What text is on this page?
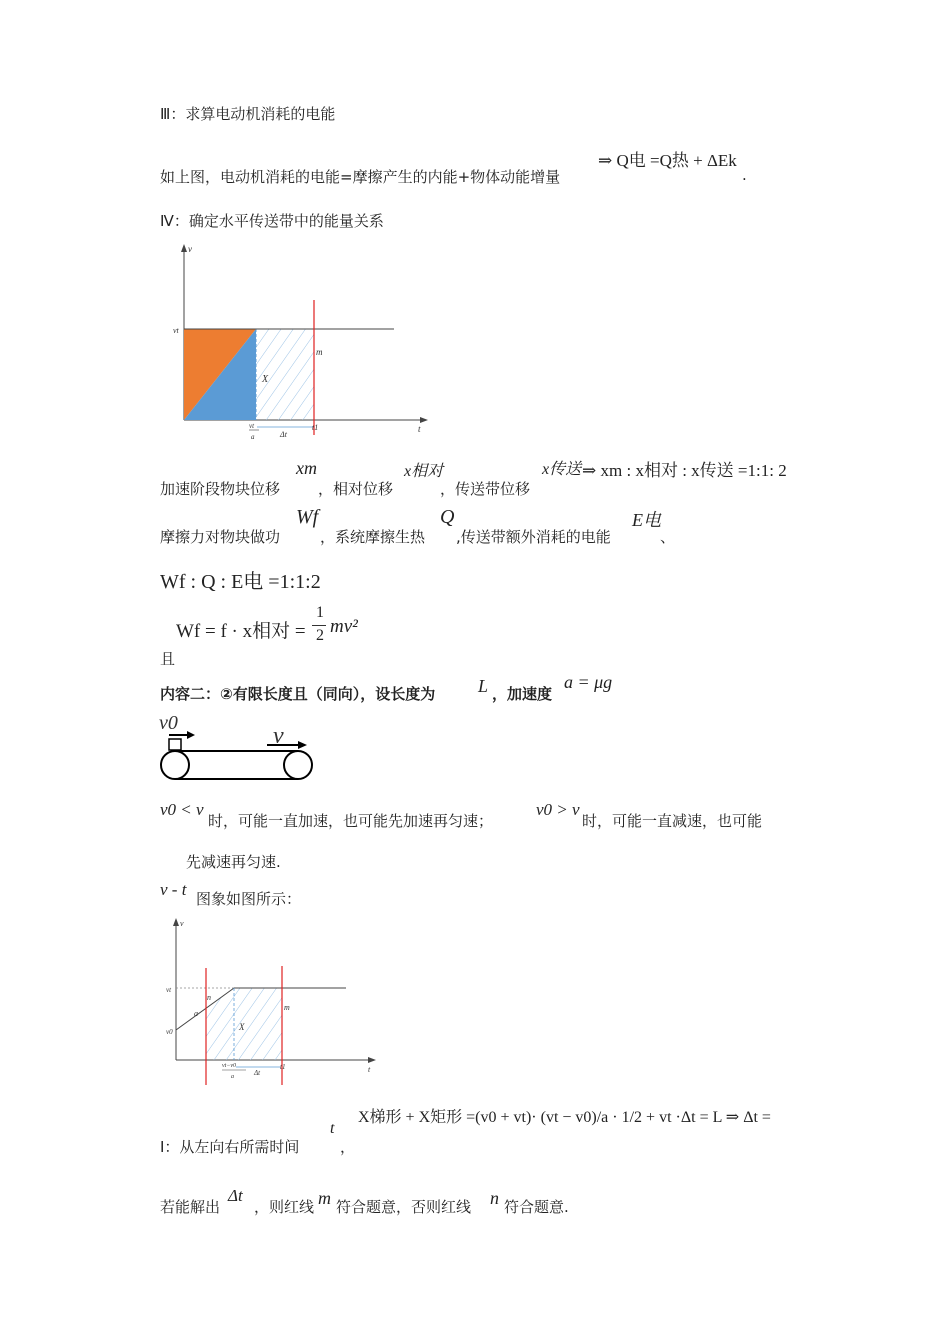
Ⅲ：求算电动机消耗的电能
如上图，电动机消耗的电能=摩擦产生的内能+物体动能增量
⇒ Q电 =Q热 + ΔEk
.
Ⅳ：确定水平传送带中的能量关系
v
t
vt
X
m
vt
a	Δt
t1
加速阶段物块位移
xm
，相对位移
x相对
，传送带位移
x传送 ⇒ xm : x相对 : x传送 =1:1: 2
摩擦力对物块做功
Wf
，系统摩擦生热
Q
,传送带额外消耗的电能
E电
、
Wf : Q : E电 =1:1:2
Wf = f · x相对 =
1
2 mv²
且
内容二：②有限长度且（同向），设长度为 L ，加速度
a = μg
v0	v
v0 < v
时，可能一直加速，也可能先加速再匀速；
v0 > v
时，可能一直减速，也可能
先减速再匀速.
v - t 图象如图所示：
v
t
vt
v0
a
n
X
m
vt−v0
a	Δt
t1
Ⅰ：从左向右所需时间
t
，
X梯形 + X矩形 =(v0 + vt)· (vt − v0)/a · 1/2 + vt ·Δt = L ⇒ Δt =
若能解出
Δt
，则红线 m 符合题意，否则红线 n 符合题意.
